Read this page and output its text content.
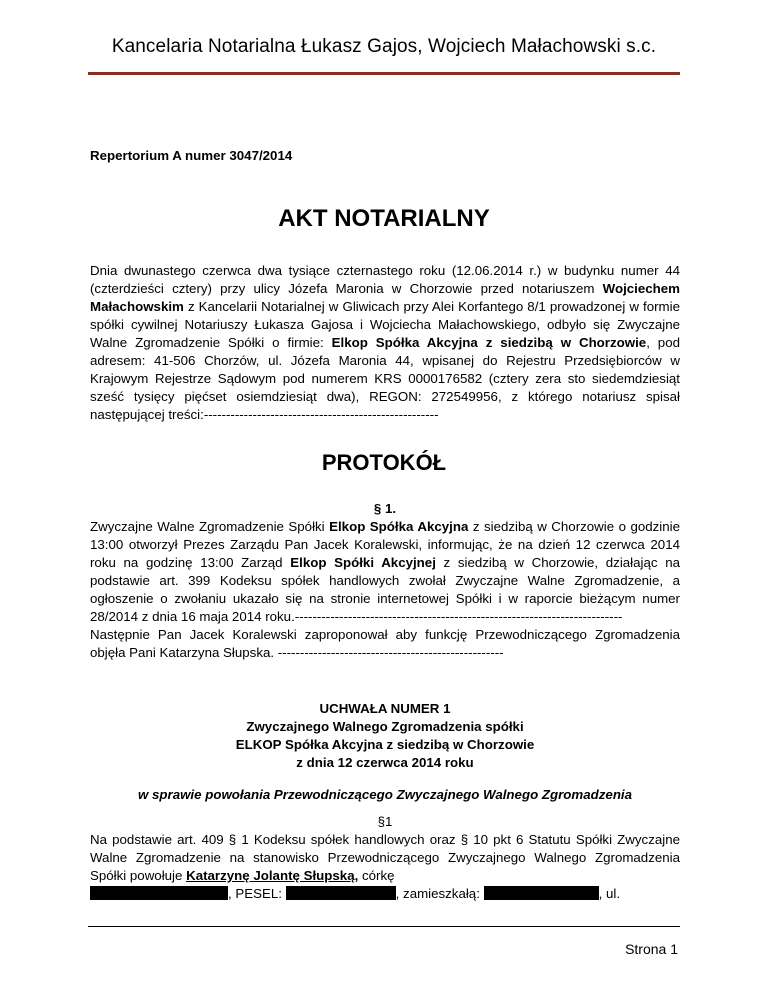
Kancelaria Notarialna Łukasz Gajos, Wojciech Małachowski s.c.
Repertorium A numer 3047/2014
AKT NOTARIALNY

Dnia dwunastego czerwca dwa tysiące czternastego roku (12.06.2014 r.) w budynku numer 44 (czterdzieści cztery) przy ulicy Józefa Maronia w Chorzowie przed notariuszem Wojciechem Małachowskim z Kancelarii Notarialnej w Gliwicach przy Alei Korfantego 8/1 prowadzonej w formie spółki cywilnej Notariuszy Łukasza Gajosa i Wojciecha Małachowskiego, odbyło się Zwyczajne Walne Zgromadzenie Spółki o firmie: Elkop Spółka Akcyjna z siedzibą w Chorzowie, pod adresem: 41-506 Chorzów, ul. Józefa Maronia 44, wpisanej do Rejestru Przedsiębiorców w Krajowym Rejestrze Sądowym pod numerem KRS 0000176582 (cztery zera sto siedemdziesiąt sześć tysięcy pięćset osiemdziesiąt dwa), REGON: 272549956, z którego notariusz spisał następującej treści:-----------------------------------------------------

PROTOKÓŁ

§ 1.

Zwyczajne Walne Zgromadzenie Spółki Elkop Spółka Akcyjna z siedzibą w Chorzowie o godzinie 13:00 otworzył Prezes Zarządu Pan Jacek Koralewski, informując, że na dzień 12 czerwca 2014 roku na godzinę 13:00 Zarząd Elkop Spółki Akcyjnej z siedzibą w Chorzowie, działając na podstawie art. 399 Kodeksu spółek handlowych zwołał Zwyczajne Walne Zgromadzenie, a ogłoszenie o zwołaniu ukazało się na stronie internetowej Spółki i w raporcie bieżącym numer 28/2014 z dnia 16 maja 2014 roku.--------------------------------------------------------------------------

Następnie Pan Jacek Koralewski zaproponował aby funkcję Przewodniczącego Zgromadzenia objęła Pani Katarzyna Słupska. ---------------------------------------------------

UCHWAŁA NUMER 1

Zwyczajnego Walnego Zgromadzenia spółki

ELKOP Spółka Akcyjna z siedzibą w Chorzowie

z dnia 12 czerwca 2014 roku

w sprawie powołania Przewodniczącego Zwyczajnego Walnego Zgromadzenia

§1

Na podstawie art. 409 § 1 Kodeksu spółek handlowych oraz § 10 pkt 6 Statutu Spółki Zwyczajne Walne Zgromadzenie na stanowisko Przewodniczącego Zwyczajnego Walnego Zgromadzenia Spółki powołuje Katarzynę Jolantę Słupską, córkę

, PESEL:	, zamieszkałą:	, ul.

Strona 1
